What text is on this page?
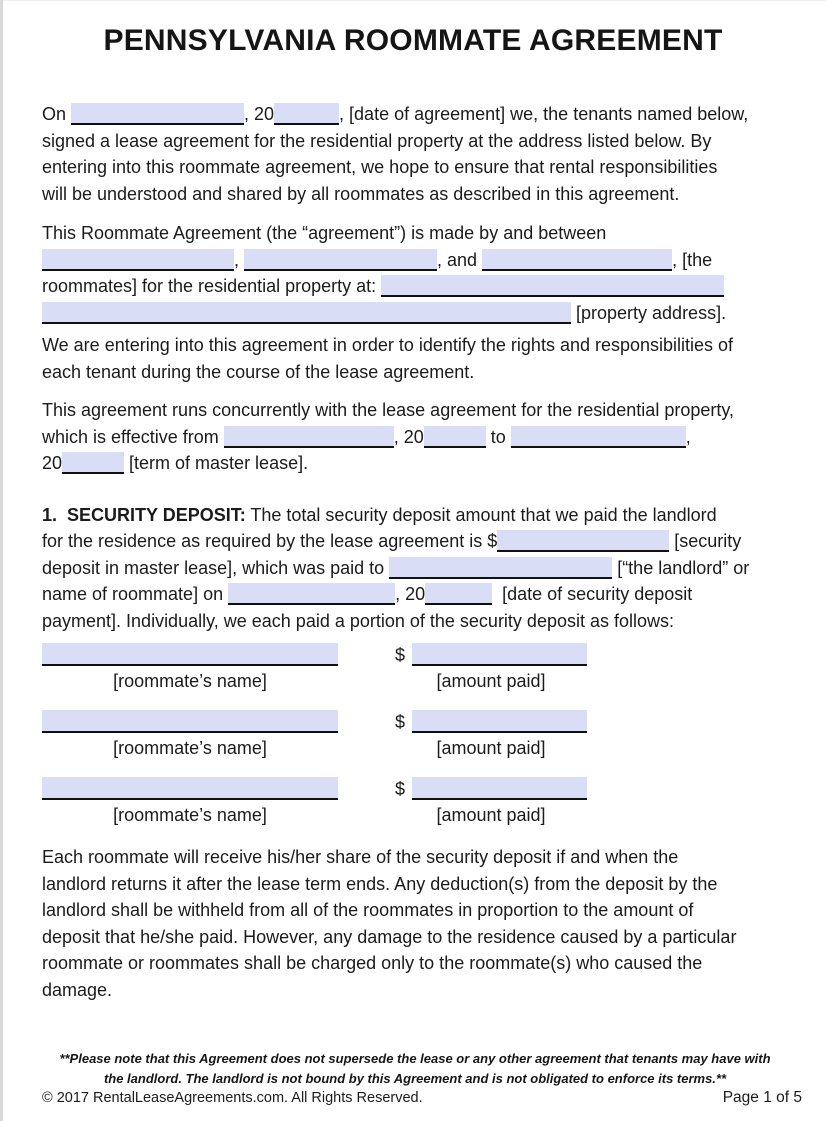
PENNSYLVANIA ROOMMATE AGREEMENT
On	, 20	, [date of agreement] we, the tenants named below,
signed a lease agreement for the residential property at the address listed below. By
entering into this roommate agreement, we hope to ensure that rental responsibilities
will be understood and shared by all roommates as described in this agreement.
This Roommate Agreement (the “agreement”) is made by and between
,	, and	, [the
roommates] for the residential property at:
[property address].
We are entering into this agreement in order to identify the rights and responsibilities of
each tenant during the course of the lease agreement.
This agreement runs concurrently with the lease agreement for the residential property,
which is effective from	, 20	to	,
20	[term of master lease].
1.  SECURITY DEPOSIT: The total security deposit amount that we paid the landlord
for the residence as required by the lease agreement is $	[security
deposit in master lease], which was paid to	[“the landlord” or
name of roommate] on	, 20	[date of security deposit
payment]. Individually, we each paid a portion of the security deposit as follows:
[roommate’s name]
$
[amount paid]
[roommate’s name]
$
[amount paid]
[roommate’s name]
$
[amount paid]
Each roommate will receive his/her share of the security deposit if and when the
landlord returns it after the lease term ends. Any deduction(s) from the deposit by the
landlord shall be withheld from all of the roommates in proportion to the amount of
deposit that he/she paid. However, any damage to the residence caused by a particular
roommate or roommates shall be charged only to the roommate(s) who caused the
damage.
**Please note that this Agreement does not supersede the lease or any other agreement that tenants may have with
the landlord. The landlord is not bound by this Agreement and is not obligated to enforce its terms.**
© 2017 RentalLeaseAgreements.com. All Rights Reserved.	Page 1 of 5
